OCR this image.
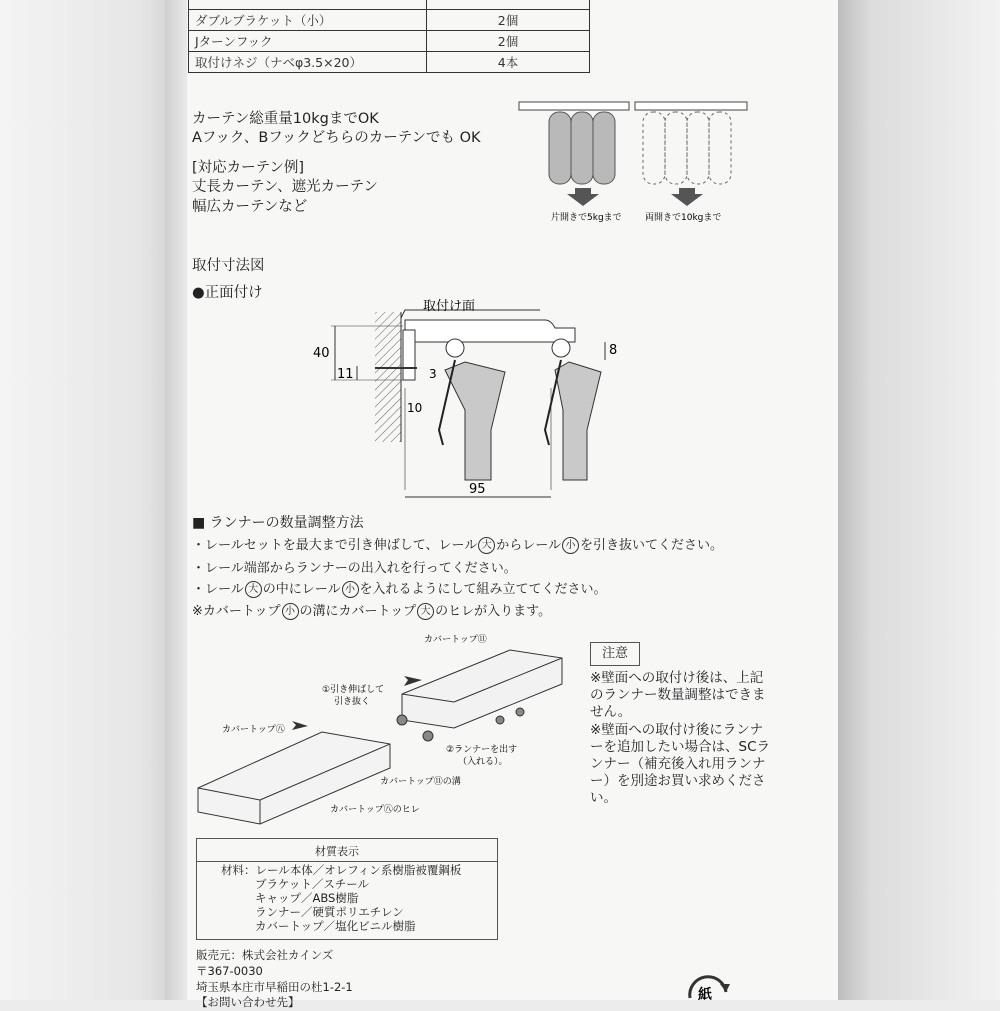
ダブルブラケット（小）	2個
Jターンフック	2個
取付けネジ（ナベφ3.5×20）	4本
カーテン総重量10kgまでOK
Aフック、Bフックどちらのカーテンでも OK
[対応カーテン例]
丈長カーテン、遮光カーテン
幅広カーテンなど
片開きで5kgまで	両開きで10kgまで
取付寸法図
●正面付け
取付け面
40
11	3
10
8
95
■ ランナーの数量調整方法
・レールセットを最大まで引き伸ばして、レール 大 からレール 小 を引き抜いてください。
・レール端部からランナーの出入れを行ってください。
・レール 大 の中にレール 小 を入れるようにして組み立ててください。
※カバートップ 小 の溝にカバートップ 大 のヒレが入ります。
カバートップ⑪
①引き伸ばして
引き抜く
②ランナーを出す
（入れる）。
カバートップ㊇
カバートップ⑪の溝
カバートップ㊇のヒレ
注意
※壁面への取付け後は、上記のランナー数量調整はできません。
※壁面への取付け後にランナーを追加したい場合は、SCランナー（補充後入れ用ランナー）を別途お買い求めください。
材質表示
材料：レール本体／オレフィン系樹脂被覆鋼板
ブラケット／スチール
キャップ／ABS樹脂
ランナー／硬質ポリエチレン
カバートップ／塩化ビニル樹脂
販売元：株式会社カインズ
〒367-0030
埼玉県本庄市早稲田の杜1-2-1
【お問い合わせ先】	紙
